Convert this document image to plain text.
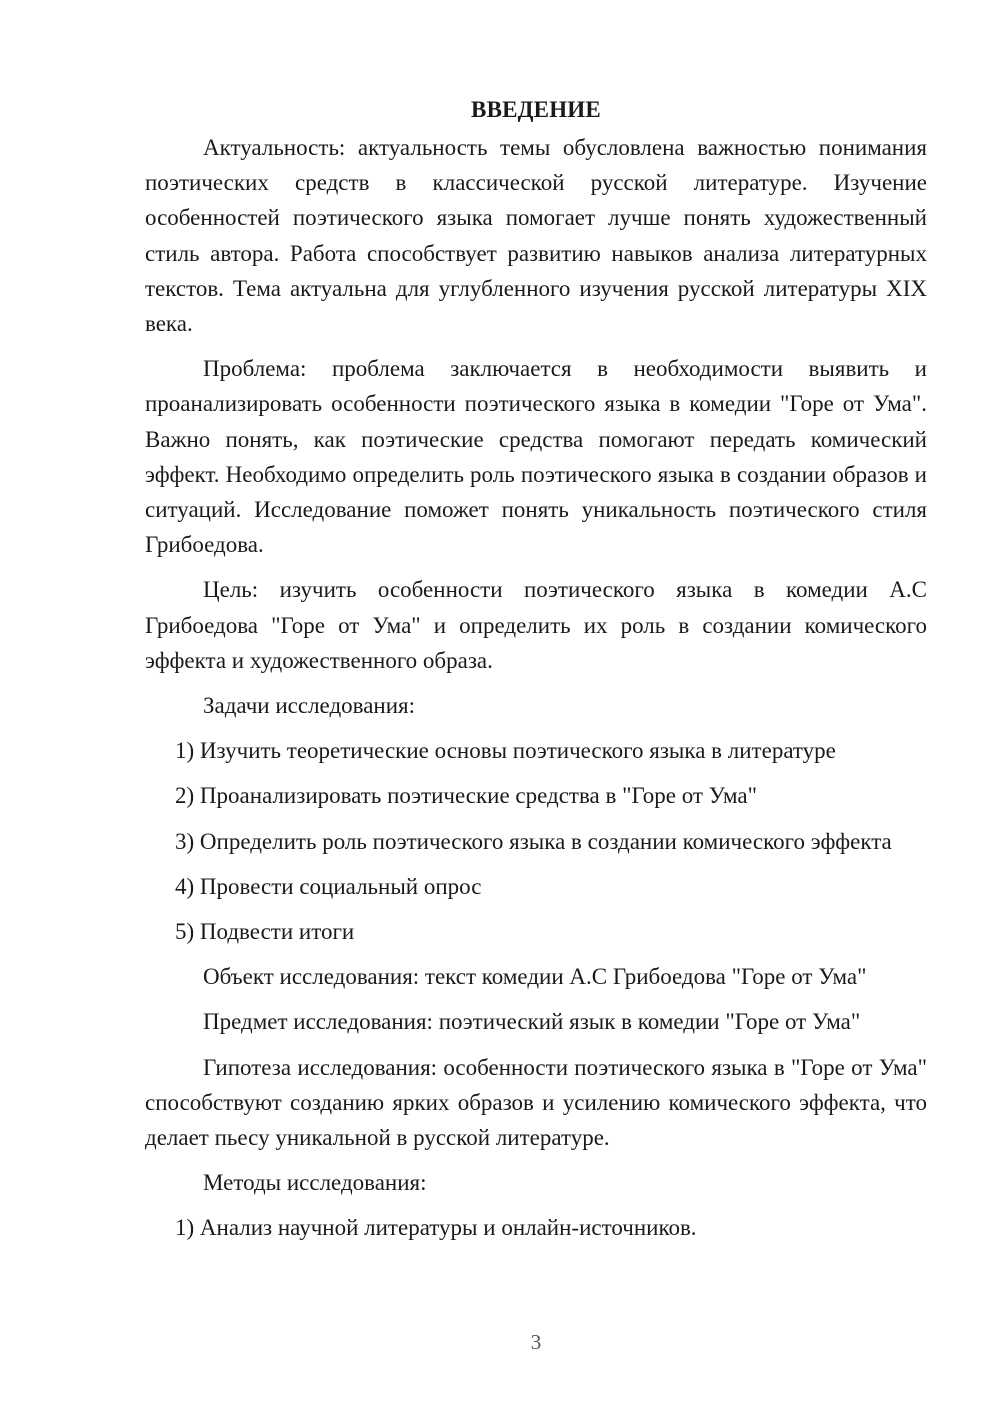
ВВЕДЕНИЕ

Актуальность: актуальность темы обусловлена важностью понимания поэтических средств в классической русской литературе. Изучение особенностей поэтического языка помогает лучше понять художественный стиль автора. Работа способствует развитию навыков анализа литературных текстов. Тема актуальна для углубленного изучения русской литературы XIX века.

Проблема: проблема заключается в необходимости выявить и проанализировать особенности поэтического языка в комедии "Горе от Ума". Важно понять, как поэтические средства помогают передать комический эффект. Необходимо определить роль поэтического языка в создании образов и ситуаций. Исследование поможет понять уникальность поэтического стиля Грибоедова.

Цель: изучить особенности поэтического языка в комедии А.С Грибоедова "Горе от Ума" и определить их роль в создании комического эффекта и художественного образа.

Задачи исследования:

1) Изучить теоретические основы поэтического языка в литературе

2) Проанализировать поэтические средства в "Горе от Ума"

3) Определить роль поэтического языка в создании комического эффекта

4) Провести социальный опрос

5) Подвести итоги

Объект исследования: текст комедии А.С Грибоедова "Горе от Ума"

Предмет исследования: поэтический язык в комедии "Горе от Ума"

Гипотеза исследования: особенности поэтического языка в "Горе от Ума" способствуют созданию ярких образов и усилению комического эффекта, что делает пьесу уникальной в русской литературе.

Методы исследования:

1) Анализ научной литературы и онлайн-источников.

3
